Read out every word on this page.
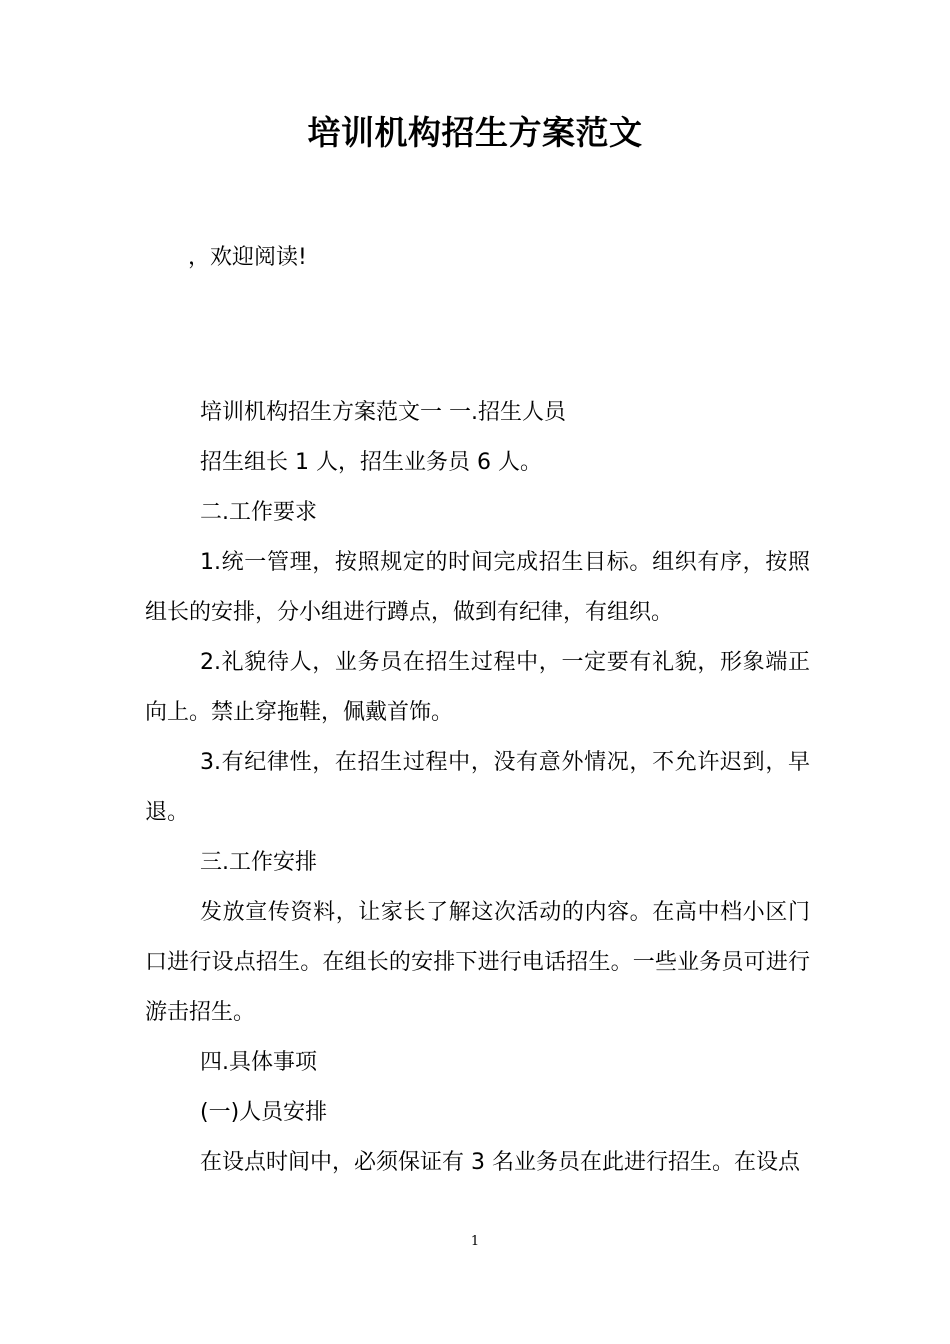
培训机构招生方案范文
，欢迎阅读!

培训机构招生方案范文一 一.招生人员

招生组长 1 人，招生业务员 6 人。

二.工作要求

1.统一管理，按照规定的时间完成招生目标。组织有序，按照组长的安排，分小组进行蹲点，做到有纪律，有组织。

2.礼貌待人，业务员在招生过程中，一定要有礼貌，形象端正向上。禁止穿拖鞋，佩戴首饰。

3.有纪律性，在招生过程中，没有意外情况，不允许迟到，早退。

三.工作安排

发放宣传资料，让家长了解这次活动的内容。在高中档小区门口进行设点招生。在组长的安排下进行电话招生。一些业务员可进行游击招生。

四.具体事项

(一)人员安排

在设点时间中，必须保证有 3 名业务员在此进行招生。在设点

1
